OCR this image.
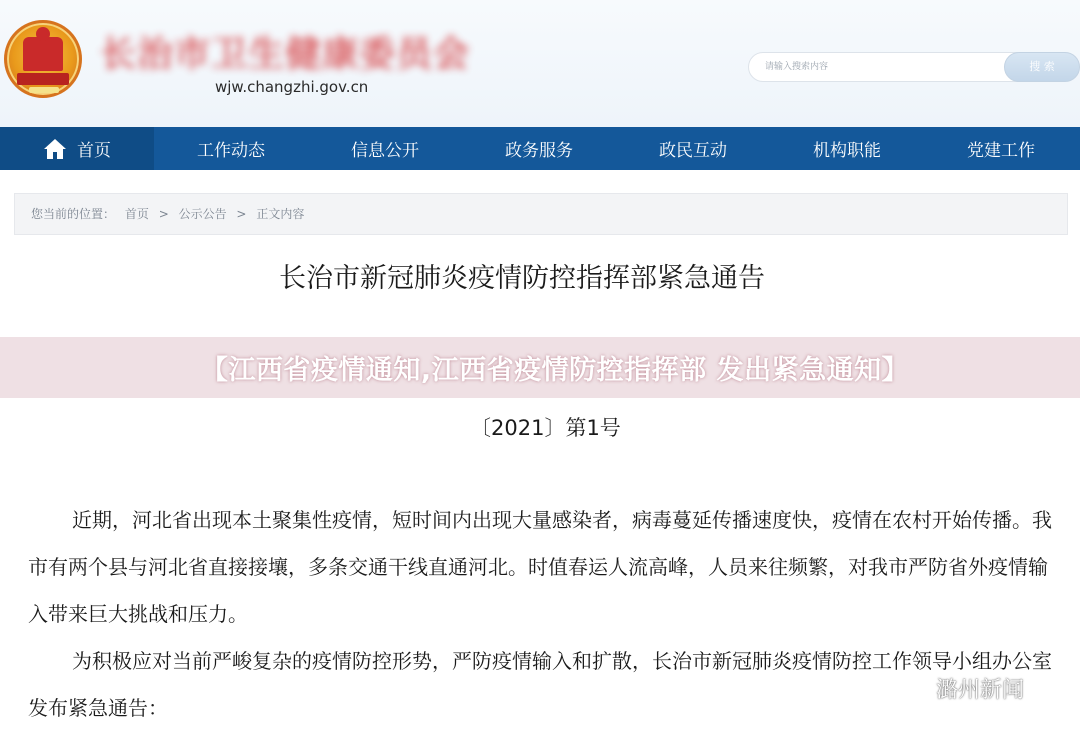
长治市卫生健康委员会
wjw.changzhi.gov.cn
请输入搜索内容
搜 索
首页	工作动态	信息公开	政务服务	政民互动	机构职能	党建工作
您当前的位置： 首页 > 公示公告 > 正文内容
长治市新冠肺炎疫情防控指挥部紧急通告
【江西省疫情通知,江西省疫情防控指挥部 发出紧急通知】
〔2021〕第1号

近期，河北省出现本土聚集性疫情，短时间内出现大量感染者，病毒蔓延传播速度快，疫情在农村开始传播。我市有两个县与河北省直接接壤，多条交通干线直通河北。时值春运人流高峰，人员来往频繁，对我市严防省外疫情输入带来巨大挑战和压力。

为积极应对当前严峻复杂的疫情防控形势，严防疫情输入和扩散，长治市新冠肺炎疫情防控工作领导小组办公室发布紧急通告：

潞州新闻
